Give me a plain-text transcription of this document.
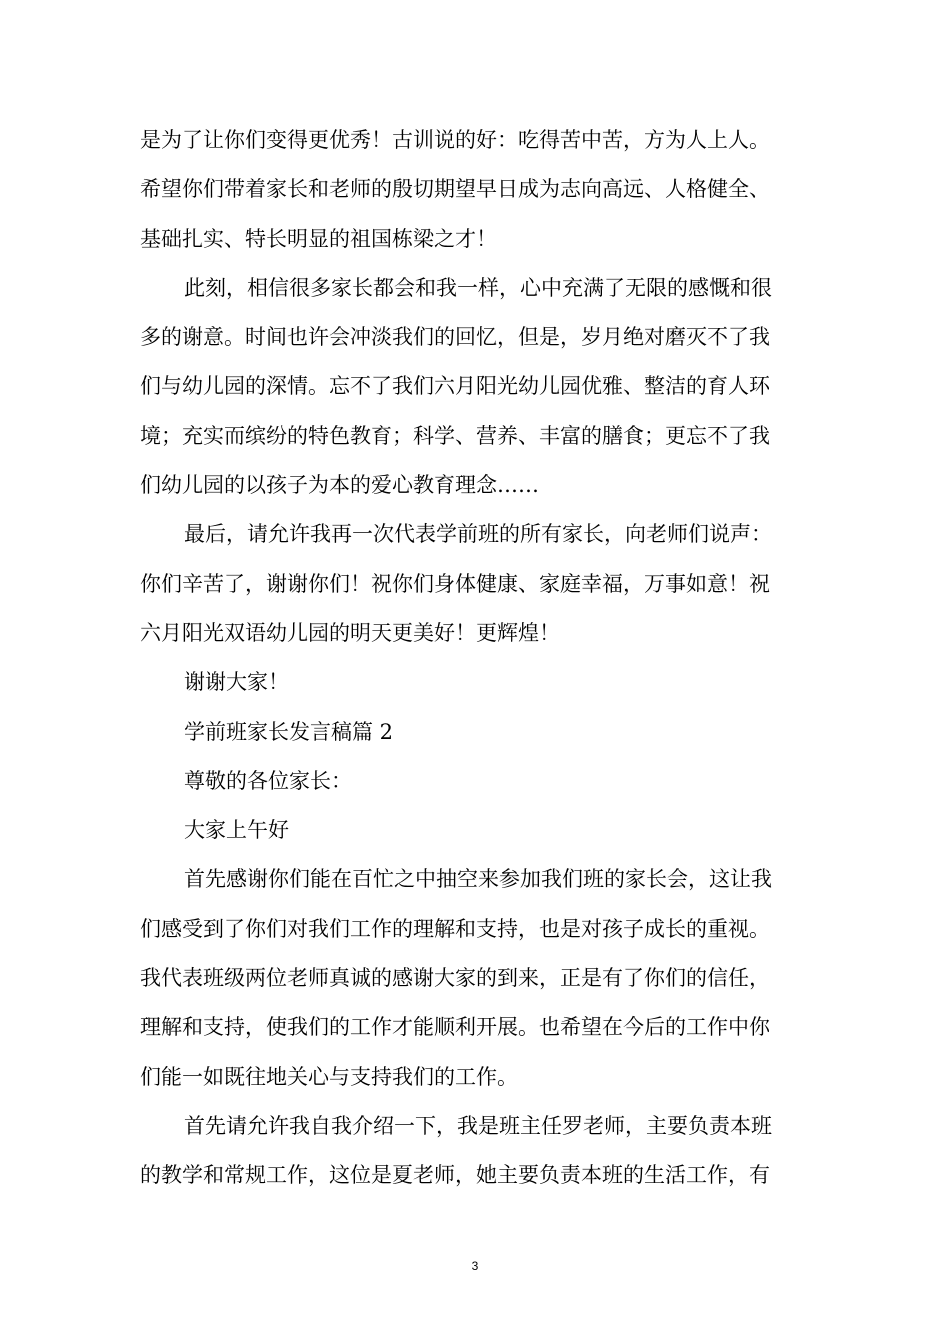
是为了让你们变得更优秀！古训说的好：吃得苦中苦，方为人上人。
希望你们带着家长和老师的殷切期望早日成为志向高远、人格健全、
基础扎实、特长明显的祖国栋梁之才！
此刻，相信很多家长都会和我一样，心中充满了无限的感慨和很
多的谢意。时间也许会冲淡我们的回忆，但是，岁月绝对磨灭不了我
们与幼儿园的深情。忘不了我们六月阳光幼儿园优雅、整洁的育人环
境；充实而缤纷的特色教育；科学、营养、丰富的膳食；更忘不了我
们幼儿园的以孩子为本的爱心教育理念……
最后，请允许我再一次代表学前班的所有家长，向老师们说声：
你们辛苦了，谢谢你们！祝你们身体健康、家庭幸福，万事如意！祝
六月阳光双语幼儿园的明天更美好！更辉煌！
谢谢大家！
学前班家长发言稿篇 2
尊敬的各位家长：
大家上午好
首先感谢你们能在百忙之中抽空来参加我们班的家长会，这让我
们感受到了你们对我们工作的理解和支持，也是对孩子成长的重视。
我代表班级两位老师真诚的感谢大家的到来，正是有了你们的信任，
理解和支持，使我们的工作才能顺利开展。也希望在今后的工作中你
们能一如既往地关心与支持我们的工作。
首先请允许我自我介绍一下，我是班主任罗老师，主要负责本班
的教学和常规工作，这位是夏老师，她主要负责本班的生活工作，有
3
